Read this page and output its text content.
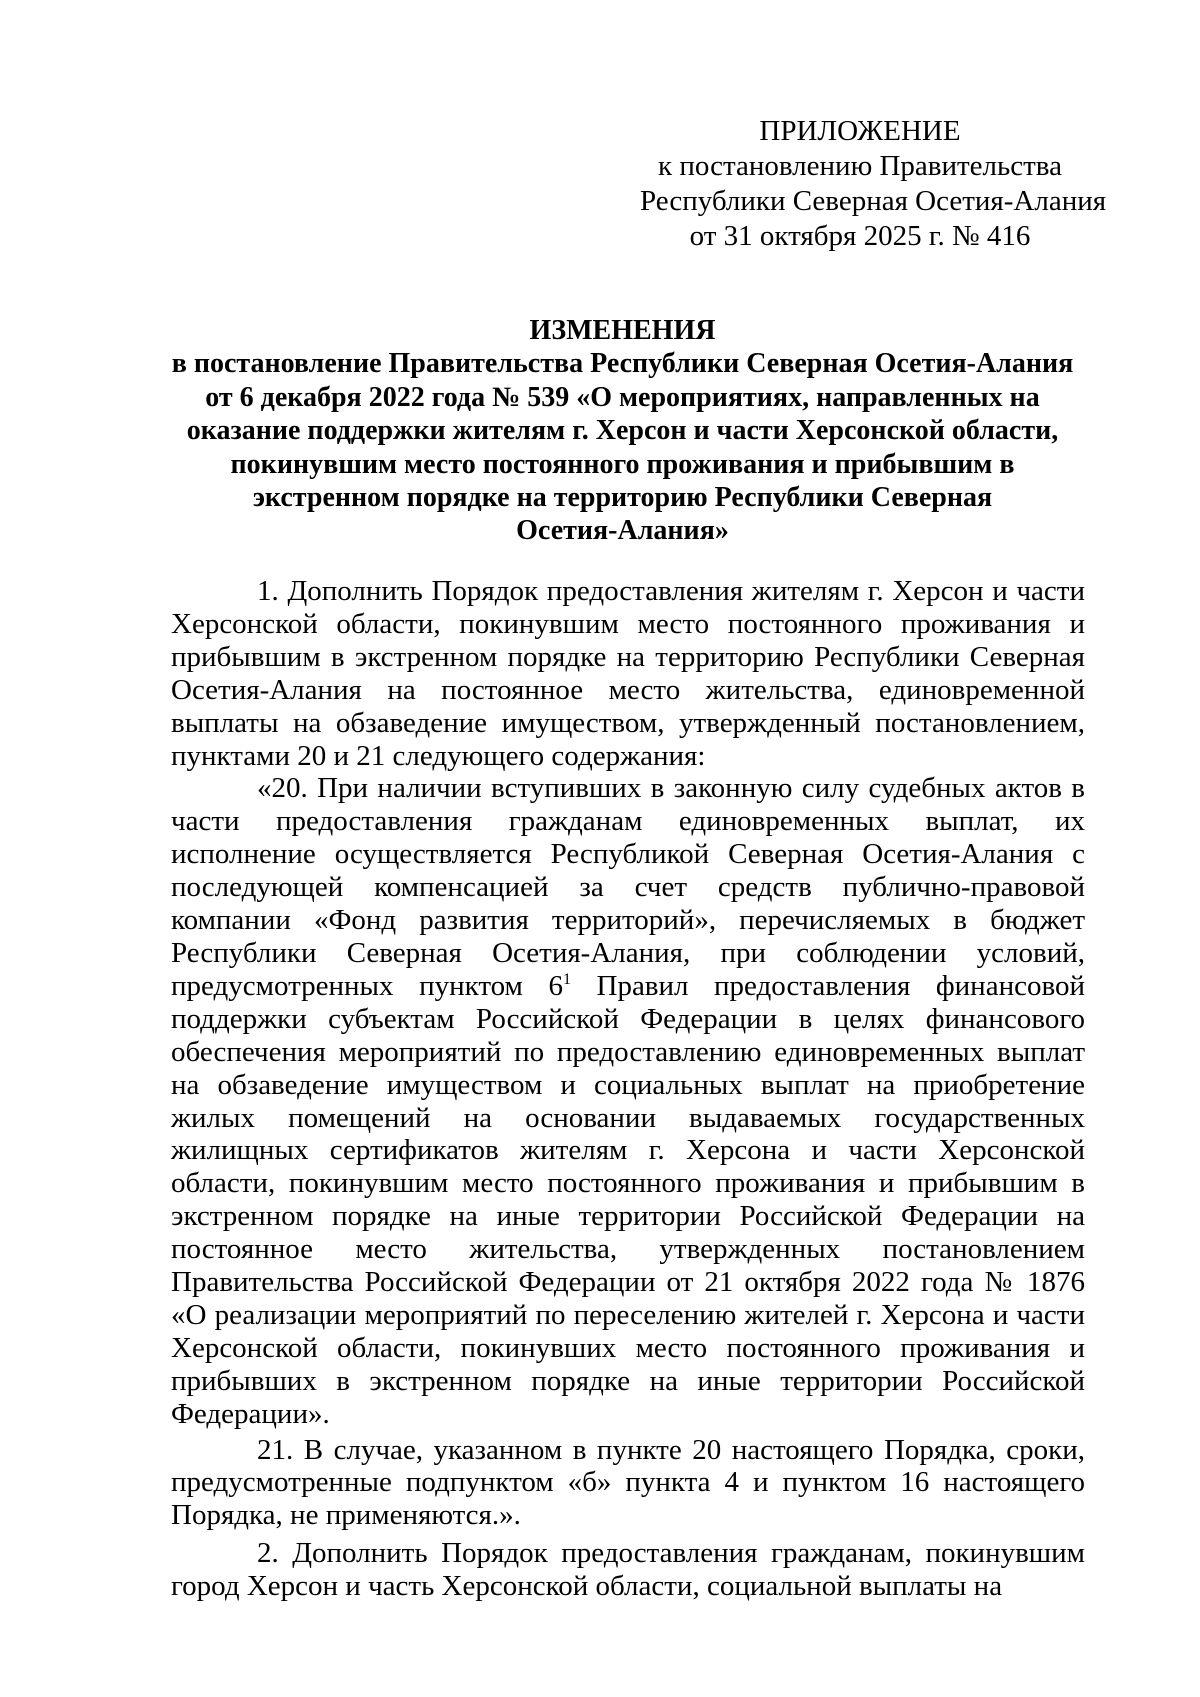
ПРИЛОЖЕНИЕ
к постановлению Правительства
Республики Северная Осетия-Алания
от 31 октября 2025 г. № 416
ИЗМЕНЕНИЯ
в постановление Правительства Республики Северная Осетия-Алания
от 6 декабря 2022 года № 539 «О мероприятиях, направленных на
оказание поддержки жителям г. Херсон и части Херсонской области,
покинувшим место постоянного проживания и прибывшим в
экстренном порядке на территорию Республики Северная
Осетия-Алания»

1. Дополнить Порядок предоставления жителям г. Херсон и части Херсонской области, покинувшим место постоянного проживания и прибывшим в экстренном порядке на территорию Республики Северная Осетия-Алания на постоянное место жительства, единовременной выплаты на обзаведение имуществом, утвержденный постановлением, пунктами 20 и 21 следующего содержания:

«20. При наличии вступивших в законную силу судебных актов в части предоставления гражданам единовременных выплат, их исполнение осуществляется Республикой Северная Осетия-Алания с последующей компенсацией за счет средств публично-правовой компании «Фонд развития территорий», перечисляемых в бюджет Республики Северная Осетия-Алания, при соблюдении условий, предусмотренных пунктом $6^1$ Правил предоставления финансовой поддержки субъектам Российской Федерации в целях финансового обеспечения мероприятий по предоставлению единовременных выплат на обзаведение имуществом и социальных выплат на приобретение жилых помещений на основании выдаваемых государственных жилищных сертификатов жителям г. Херсона и части Херсонской области, покинувшим место постоянного проживания и прибывшим в экстренном порядке на иные территории Российской Федерации на постоянное место жительства, утвержденных постановлением Правительства Российской Федерации от 21 октября 2022 года № 1876 «О реализации мероприятий по переселению жителей г. Херсона и части Херсонской области, покинувших место постоянного проживания и прибывших в экстренном порядке на иные территории Российской Федерации».

21. В случае, указанном в пункте 20 настоящего Порядка, сроки, предусмотренные подпунктом «б» пункта 4 и пунктом 16 настоящего Порядка, не применяются.».

2. Дополнить Порядок предоставления гражданам, покинувшим город Херсон и часть Херсонской области, социальной выплаты на
